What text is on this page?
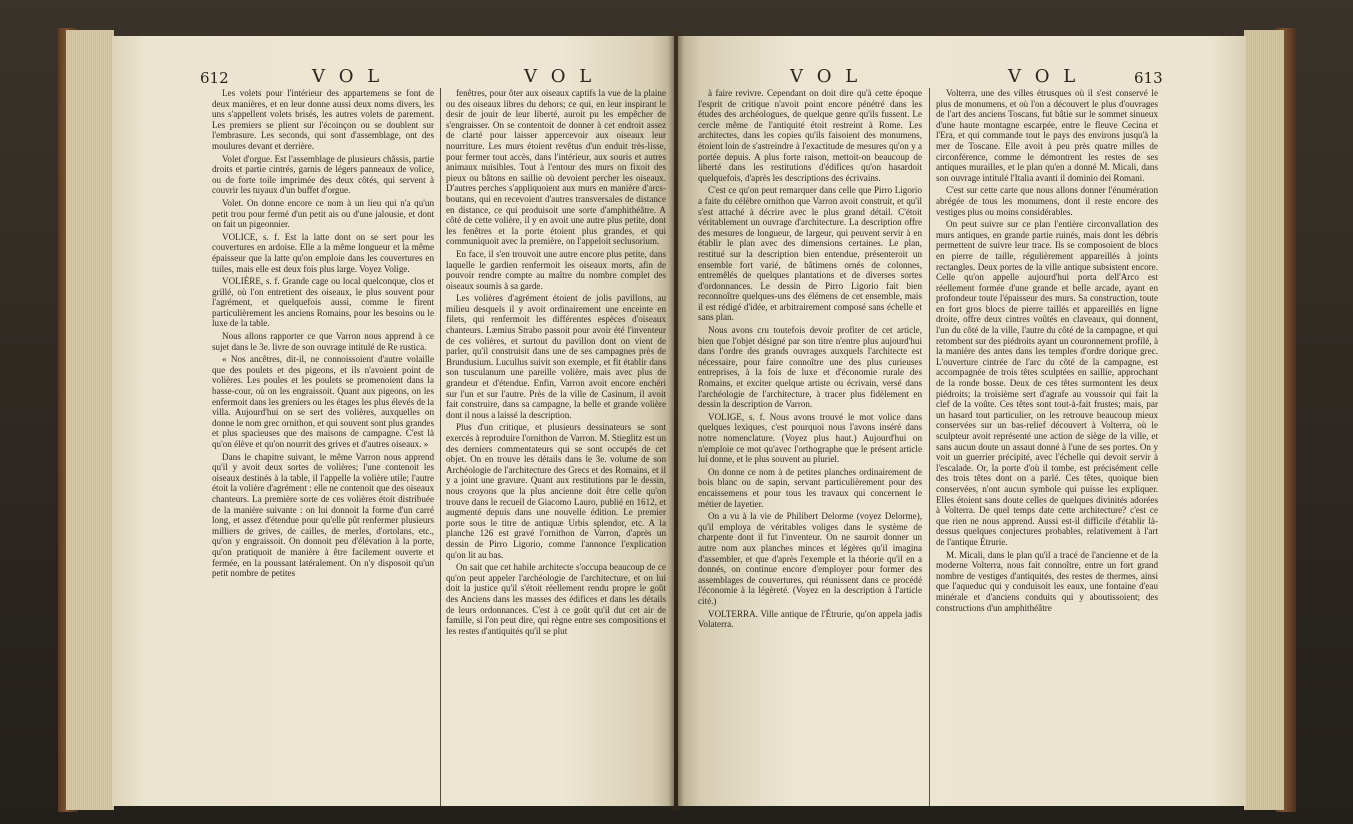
612	V O L	V O L

Les volets pour l'intérieur des appartemens se font de deux manières, et en leur donne aussi deux noms divers, les uns s'appellent volets brisés, les autres volets de parement. Les premiers se plient sur l'écoinçon ou se doublent sur l'embrasure. Les seconds, qui sont d'assemblage, ont des moulures devant et derrière.

Volet d'orgue. Est l'assemblage de plusieurs châssis, partie droits et partie cintrés, garnis de légers panneaux de volice, ou de forte toile imprimée des deux côtés, qui servent à couvrir les tuyaux d'un buffet d'orgue.

Volet. On donne encore ce nom à un lieu qui n'a qu'un petit trou pour fermé d'un petit ais ou d'une jalousie, et dont on fait un pigeonnier.

VOLICE, s. f. Est la latte dont on se sert pour les couvertures en ardoise. Elle a la même longueur et la même épaisseur que la latte qu'on emploie dans les couvertures en tuiles, mais elle est deux fois plus large. Voyez Volige.

VOLIÈRE, s. f. Grande cage ou local quelconque, clos et grillé, où l'on entretient des oiseaux, le plus souvent pour l'agrément, et quelquefois aussi, comme le firent particulièrement les anciens Romains, pour les besoins ou le luxe de la table.

Nous allons rapporter ce que Varron nous apprend à ce sujet dans le 3e. livre de son ouvrage intitulé de Re rustica.

« Nos ancêtres, dit-il, ne connoissoient d'autre volaille que des poulets et des pigeons, et ils n'avoient point de volières. Les poules et les poulets se promenoient dans la basse-cour, où on les engraissoit. Quant aux pigeons, on les enfermoit dans les greniers ou les étages les plus élevés de la villa. Aujourd'hui on se sert des volières, auxquelles on donne le nom grec ornithon, et qui souvent sont plus grandes et plus spacieuses que des maisons de campagne. C'est là qu'on élève et qu'on nourrit des grives et d'autres oiseaux. »

Dans le chapitre suivant, le même Varron nous apprend qu'il y avoit deux sortes de volières; l'une contenoit les oiseaux destinés à la table, il l'appelle la volière utile; l'autre étoit la volière d'agrément : elle ne contenoit que des oiseaux chanteurs. La première sorte de ces volières étoit distribuée de la manière suivante : on lui donnoit la forme d'un carré long, et assez d'étendue pour qu'elle pût renfermer plusieurs milliers de grives, de cailles, de merles, d'ortolans, etc., qu'on y engraissoit. On donnoit peu d'élévation à la porte, qu'on pratiquoit de manière à être facilement ouverte et fermée, en la poussant latéralement. On n'y disposoit qu'un petit nombre de petites

fenêtres, pour ôter aux oiseaux captifs la vue de la plaine ou des oiseaux libres du dehors; ce qui, en leur inspirant le desir de jouir de leur liberté, auroit pu les empêcher de s'engraisser. On se contentoit de donner à cet endroit assez de clarté pour laisser appercevoir aux oiseaux leur nourriture. Les murs étoient revêtus d'un enduit très-lisse, pour fermer tout accès, dans l'intérieur, aux souris et autres animaux nuisibles. Tout à l'entour des murs on fixoit des pieux ou bâtons en saillie où devoient percher les oiseaux. D'autres perches s'appliquoient aux murs en manière d'arcs-boutans, qui en recevoient d'autres transversales de distance en distance, ce qui produisoit une sorte d'amphithéâtre. A côté de cette volière, il y en avoit une autre plus petite, dont les fenêtres et la porte étoient plus grandes, et qui communiquoit avec la première, on l'appeloit seclusorium.

En face, il s'en trouvoit une autre encore plus petite, dans laquelle le gardien renfermoit les oiseaux morts, afin de pouvoir rendre compte au maître du nombre complet des oiseaux soumis à sa garde.

Les volières d'agrément étoient de jolis pavillons, au milieu desquels il y avoit ordinairement une enceinte en filets, qui renfermoit les différentes espèces d'oiseaux chanteurs. Læmius Strabo passoit pour avoir été l'inventeur de ces volières, et surtout du pavillon dont on vient de parler, qu'il construisit dans une de ses campagnes près de Brundusium. Lucullus suivit son exemple, et fit établir dans son tusculanum une pareille volière, mais avec plus de grandeur et d'étendue. Enfin, Varron avoit encore enchéri sur l'un et sur l'autre. Près de la ville de Casinum, il avoit fait construire, dans sa campagne, la belle et grande volière dont il nous a laissé la description.

Plus d'un critique, et plusieurs dessinateurs se sont exercés à reproduire l'ornithon de Varron. M. Stieglitz est un des derniers commentateurs qui se sont occupés de cet objet. On en trouve les détails dans le 3e. volume de son Archéologie de l'architecture des Grecs et des Romains, et il y a joint une gravure. Quant aux restitutions par le dessin, nous croyons que la plus ancienne doit être celle qu'on trouve dans le recueil de Giacomo Lauro, publié en 1612, et augmenté depuis dans une nouvelle édition. Le premier porte sous le titre de antiquæ Urbis splendor, etc. A la planche 126 est gravé l'ornithon de Varron, d'après un dessin de Pirro Ligorio, comme l'annonce l'explication qu'on lit au bas.

On sait que cet habile architecte s'occupa beaucoup de ce qu'on peut appeler l'archéologie de l'architecture, et on lui doit la justice qu'il s'étoit réellement rendu propre le goût des Anciens dans les masses des édifices et dans les détails de leurs ordonnances. C'est à ce goût qu'il dut cet air de famille, si l'on peut dire, qui règne entre ses compositions et les restes d'antiquités qu'il se plut

V O L	V O L	613

à faire revivre. Cependant on doit dire qu'à cette époque l'esprit de critique n'avoit point encore pénétré dans les études des archéologues, de quelque genre qu'ils fussent. Le cercle même de l'antiquité étoit restreint à Rome. Les architectes, dans les copies qu'ils faisoient des monumens, étoient loin de s'astreindre à l'exactitude de mesures qu'on y a portée depuis. A plus forte raison, mettoit-on beaucoup de liberté dans les restitutions d'édifices qu'on hasardoit quelquefois, d'après les descriptions des écrivains.

C'est ce qu'on peut remarquer dans celle que Pirro Ligorio a faite du célèbre ornithon que Varron avoit construit, et qu'il s'est attaché à décrire avec le plus grand détail. C'étoit véritablement un ouvrage d'architecture. La description offre des mesures de longueur, de largeur, qui peuvent servir à en établir le plan avec des dimensions certaines. Le plan, restitué sur la description bien entendue, présenteroit un ensemble fort varié, de bâtimens ornés de colonnes, entremêlés de quelques plantations et de diverses sortes d'ordonnances. Le dessin de Pirro Ligorio fait bien reconnoître quelques-uns des élémens de cet ensemble, mais il est rédigé d'idée, et arbitrairement composé sans échelle et sans plan.

Nous avons cru toutefois devoir profiter de cet article, bien que l'objet désigné par son titre n'entre plus aujourd'hui dans l'ordre des grands ouvrages auxquels l'architecte est nécessaire, pour faire connoître une des plus curieuses entreprises, à la fois de luxe et d'économie rurale des Romains, et exciter quelque artiste ou écrivain, versé dans l'archéologie de l'architecture, à tracer plus fidèlement en dessin la description de Varron.

VOLIGE, s. f. Nous avons trouvé le mot volice dans quelques lexiques, c'est pourquoi nous l'avons inséré dans notre nomenclature. (Voyez plus haut.) Aujourd'hui on n'emploie ce mot qu'avec l'orthographe que le présent article lui donne, et le plus souvent au pluriel.

On donne ce nom à de petites planches ordinairement de bois blanc ou de sapin, servant particulièrement pour des encaissemens et pour tous les travaux qui concernent le métier de layetier.

On a vu à la vie de Philibert Delorme (voyez Delorme), qu'il employa de véritables voliges dans le système de charpente dont il fut l'inventeur. On ne sauroit donner un autre nom aux planches minces et légères qu'il imagina d'assembler, et que d'après l'exemple et la théorie qu'il en a donnés, on continue encore d'employer pour former des assemblages de couvertures, qui réunissent dans ce procédé l'économie à la légèreté. (Voyez en la description à l'article cité.)

VOLTERRA. Ville antique de l'Étrurie, qu'on appela jadis Volaterra.

Volterra, une des villes étrusques où il s'est conservé le plus de monumens, et où l'on a découvert le plus d'ouvrages de l'art des anciens Toscans, fut bâtie sur le sommet sinueux d'une haute montagne escarpée, entre le fleuve Cecina et l'Era, et qui commande tout le pays des environs jusqu'à la mer de Toscane. Elle avoit à peu près quatre milles de circonférence, comme le démontrent les restes de ses antiques murailles, et le plan qu'en a donné M. Micali, dans son ouvrage intitulé l'Italia avanti il dominio dei Romani.

C'est sur cette carte que nous allons donner l'énumération abrégée de tous les monumens, dont il reste encore des vestiges plus ou moins considérables.

On peut suivre sur ce plan l'entière circonvallation des murs antiques, en grande partie ruinés, mais dont les débris permettent de suivre leur trace. Ils se composoient de blocs en pierre de taille, régulièrement appareillés à joints rectangles. Deux portes de la ville antique subsistent encore. Celle qu'on appelle aujourd'hui porta dell'Arco est réellement formée d'une grande et belle arcade, ayant en profondeur toute l'épaisseur des murs. Sa construction, toute en fort gros blocs de pierre taillés et appareillés en ligne droite, offre deux cintres voûtés en claveaux, qui donnent, l'un du côté de la ville, l'autre du côté de la campagne, et qui retombent sur des piédroits ayant un couronnement profilé, à la manière des antes dans les temples d'ordre dorique grec. L'ouverture cintrée de l'arc du côté de la campagne, est accompagnée de trois têtes sculptées en saillie, approchant de la ronde bosse. Deux de ces têtes surmontent les deux piédroits; la troisième sert d'agrafe au voussoir qui fait la clef de la voûte. Ces têtes sont tout-à-fait frustes; mais, par un hasard tout particulier, on les retrouve beaucoup mieux conservées sur un bas-relief découvert à Volterra, où le sculpteur avoit représenté une action de siège de la ville, et sans aucun doute un assaut donné à l'une de ses portes. On y voit un guerrier précipité, avec l'échelle qui devoit servir à l'escalade. Or, la porte d'où il tombe, est précisément celle des trois têtes dont on a parlé. Ces têtes, quoique bien conservées, n'ont aucun symbole qui puisse les expliquer. Elles étoient sans doute celles de quelques divinités adorées à Volterra. De quel temps date cette architecture? c'est ce que rien ne nous apprend. Aussi est-il difficile d'établir là-dessus quelques conjectures probables, relativement à l'art de l'antique Étrurie.

M. Micali, dans le plan qu'il a tracé de l'ancienne et de la moderne Volterra, nous fait connoître, entre un fort grand nombre de vestiges d'antiquités, des restes de thermes, ainsi que l'aqueduc qui y conduisoit les eaux, une fontaine d'eau minérale et d'anciens conduits qui y aboutissoient; des constructions d'un amphithéâtre
